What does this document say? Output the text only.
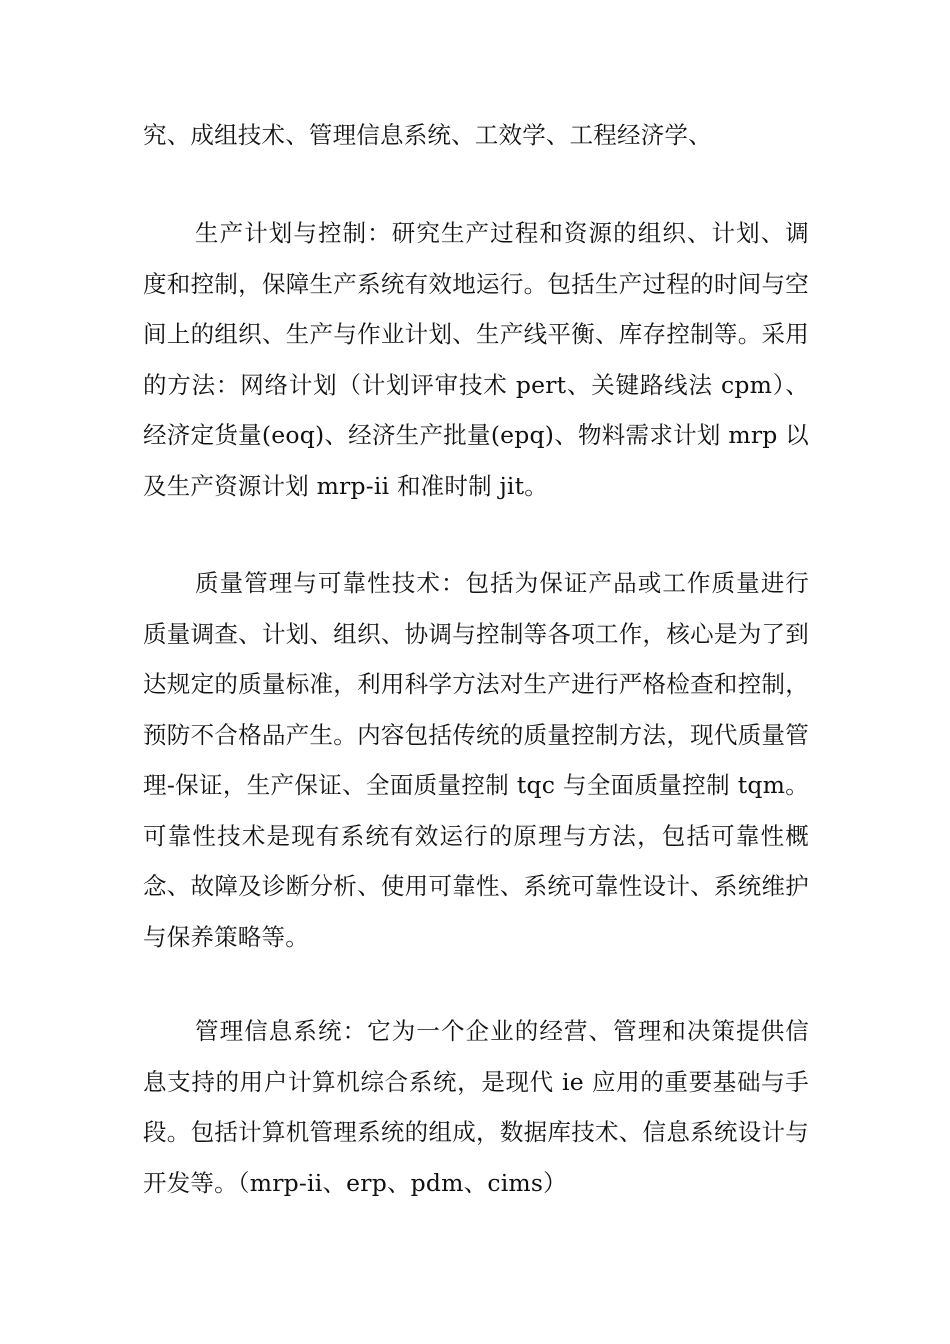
究、成组技术、管理信息系统、工效学、工程经济学、

生产计划与控制：研究生产过程和资源的组织、计划、调度和控制，保障生产系统有效地运行。包括生产过程的时间与空间上的组织、生产与作业计划、生产线平衡、库存控制等。采用的方法：网络计划（计划评审技术 pert、关键路线法 cpm）、经济定货量(eoq)、经济生产批量(epq)、物料需求计划 mrp 以及生产资源计划 mrp-ii 和准时制 jit。

质量管理与可靠性技术：包括为保证产品或工作质量进行质量调查、计划、组织、协调与控制等各项工作，核心是为了到达规定的质量标准，利用科学方法对生产进行严格检查和控制，预防不合格品产生。内容包括传统的质量控制方法，现代质量管理-保证，生产保证、全面质量控制 tqc 与全面质量控制 tqm。可靠性技术是现有系统有效运行的原理与方法，包括可靠性概念、故障及诊断分析、使用可靠性、系统可靠性设计、系统维护与保养策略等。

管理信息系统：它为一个企业的经营、管理和决策提供信息支持的用户计算机综合系统，是现代 ie 应用的重要基础与手段。包括计算机管理系统的组成，数据库技术、信息系统设计与开发等。（mrp-ii、erp、pdm、cims）
